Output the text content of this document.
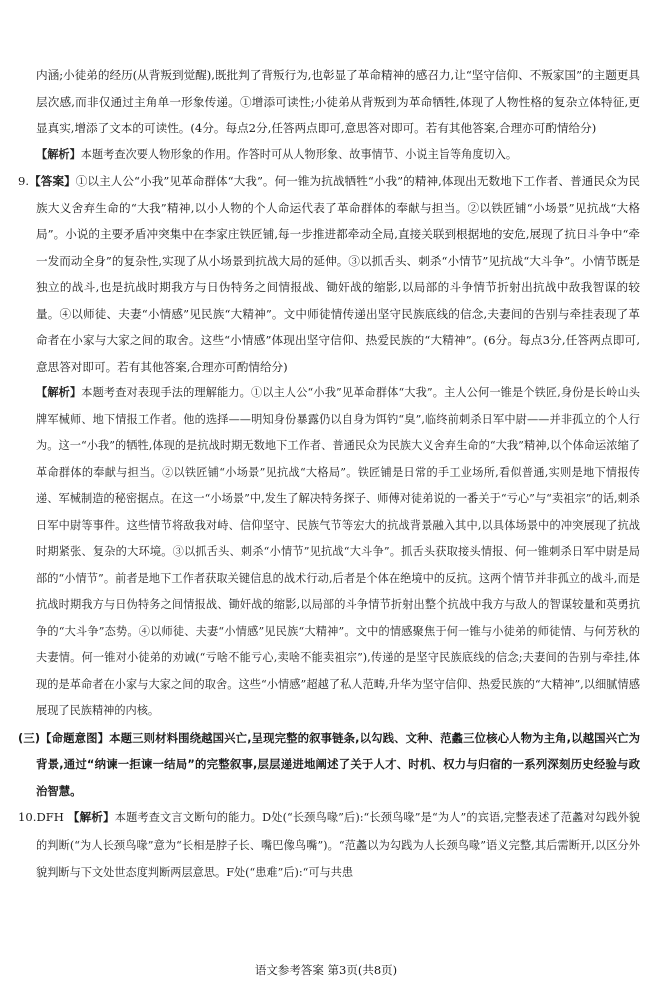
内涵;小徒弟的经历(从背叛到觉醒),既批判了背叛行为,也彰显了革命精神的感召力,让“坚守信仰、不叛家国”的主题更具层次感,而非仅通过主角单一形象传递。①增添可读性;小徒弟从背叛到为革命牺牲,体现了人物性格的复杂立体特征,更显真实,增添了文本的可读性。(4分。每点2分,任答两点即可,意思答对即可。若有其他答案,合理亦可酌情给分)

【解析】本题考查次要人物形象的作用。作答时可从人物形象、故事情节、小说主旨等角度切入。

9.【答案】①以主人公“小我”见革命群体“大我”。何一锥为抗战牺牲“小我”的精神,体现出无数地下工作者、普通民众为民族大义舍弃生命的“大我”精神,以小人物的个人命运代表了革命群体的奉献与担当。②以铁匠铺“小场景”见抗战“大格局”。小说的主要矛盾冲突集中在李家庄铁匠铺,每一步推进都牵动全局,直接关联到根据地的安危,展现了抗日斗争中“牵一发而动全身”的复杂性,实现了从小场景到抗战大局的延伸。③以抓舌头、刺杀“小情节”见抗战“大斗争”。小情节既是独立的战斗,也是抗战时期我方与日伪特务之间情报战、锄奸战的缩影,以局部的斗争情节折射出抗战中敌我智谋的较量。④以师徒、夫妻“小情感”见民族“大精神”。文中师徒情传递出坚守民族底线的信念,夫妻间的告别与牵挂表现了革命者在小家与大家之间的取舍。这些“小情感”体现出坚守信仰、热爱民族的“大精神”。(6分。每点3分,任答两点即可,意思答对即可。若有其他答案,合理亦可酌情给分)

【解析】本题考查对表现手法的理解能力。①以主人公“小我”见革命群体“大我”。主人公何一锥是个铁匠,身份是长岭山头牌军械师、地下情报工作者。他的选择——明知身份暴露仍以自身为饵钓“臭”,临终前刺杀日军中尉——并非孤立的个人行为。这一“小我”的牺牲,体现的是抗战时期无数地下工作者、普通民众为民族大义舍弃生命的“大我”精神,以个体命运浓缩了革命群体的奉献与担当。②以铁匠铺“小场景”见抗战“大格局”。铁匠铺是日常的手工业场所,看似普通,实则是地下情报传递、军械制造的秘密据点。在这一“小场景”中,发生了解决特务探子、师傅对徒弟说的一番关于“亏心”与“卖祖宗”的话,刺杀日军中尉等事件。这些情节将敌我对峙、信仰坚守、民族气节等宏大的抗战背景融入其中,以具体场景中的冲突展现了抗战时期紧张、复杂的大环境。③以抓舌头、刺杀“小情节”见抗战“大斗争”。抓舌头获取接头情报、何一锥刺杀日军中尉是局部的“小情节”。前者是地下工作者获取关键信息的战术行动,后者是个体在绝境中的反抗。这两个情节并非孤立的战斗,而是抗战时期我方与日伪特务之间情报战、锄奸战的缩影,以局部的斗争情节折射出整个抗战中我方与敌人的智谋较量和英勇抗争的“大斗争”态势。④以师徒、夫妻“小情感”见民族“大精神”。文中的情感聚焦于何一锥与小徒弟的师徒情、与何芳秋的夫妻情。何一锥对小徒弟的劝诫(“亏啥不能亏心,卖啥不能卖祖宗”),传递的是坚守民族底线的信念;夫妻间的告别与牵挂,体现的是革命者在小家与大家之间的取舍。这些“小情感”超越了私人范畴,升华为坚守信仰、热爱民族的“大精神”,以细腻情感展现了民族精神的内核。

(三)【命题意图】本题三则材料围绕越国兴亡,呈现完整的叙事链条,以勾践、文种、范蠡三位核心人物为主角,以越国兴亡为背景,通过“纳谏一拒谏一结局”的完整叙事,层层递进地阐述了关于人才、时机、权力与归宿的一系列深刻历史经验与政治智慧。

10.DFH 【解析】本题考查文言文断句的能力。D处(“长颈鸟喙”后):“长颈鸟喙”是“为人”的宾语,完整表述了范蠡对勾践外貌的判断(“为人长颈鸟喙”意为“长相是脖子长、嘴巴像鸟嘴”)。“范蠡以为勾践为人长颈鸟喙”语义完整,其后需断开,以区分外貌判断与下文处世态度判断两层意思。F处(“患难”后):“可与共患

语文参考答案 第3页(共8页)
